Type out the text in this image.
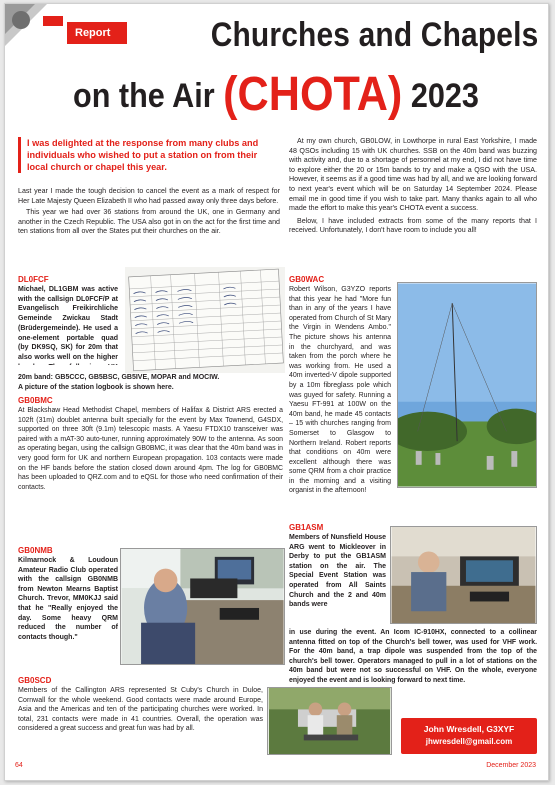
Report	Churches and Chapels
on the Air (CHOTA) 2023
I was delighted at the response from many clubs and individuals who wished to put a station on from their local church or chapel this year.
Last year I made the tough decision to cancel the event as a mark of respect for Her Late Majesty Queen Elizabeth II who had passed away only three days before.
This year we had over 36 stations from around the UK, one in Germany and another in the Czech Republic. The USA also got in on the act for the first time and ten stations from all over the States put their churches on the air.
At my own church, GB0LOW, in Lowthorpe in rural East Yorkshire, I made 48 QSOs including 15 with UK churches. SSB on the 40m band was buzzing with activity and, due to a shortage of personnel at my end, I did not have time to explore either the 20 or 15m bands to try and make a QSO with the USA. However, it seems as if a good time was had by all, and we are looking forward to next year's event which will be on Saturday 14 September 2024. Please email me in good time if you wish to take part. Many thanks again to all who made the effort to make this year's CHOTA event a success.
Below, I have included extracts from some of the many reports that I received. Unfortunately, I don't have room to include you all!
DL0FCF
Michael, DL1GBM was active with the callsign DL0FCF/P at Evangelisch Freikirchliche Gemeinde Zwickau Stadt (Brüdergemeinde). He used a one-element portable quad (by DK9SQ, SK) for 20m that also works well on the higher
20m band: GB5CCC, GB5BSC, GB5IVE, MOPAR and MOCIW.
A picture of the station logbook is shown here.
GB0BMC
At Blackshaw Head Methodist Chapel, members of Halifax & District ARS erected a 102ft (31m) doublet antenna built specially for the event by Max Townend, G4SDX, supported on three 30ft (9.1m) telescopic masts. A Yaesu FTDX10 transceiver was paired with a mAT-30 auto-tuner, running approximately 90W to the antenna. As soon as operating began, using the callsign GB0BMC, it was clear that the 40m band was in very good form for UK and northern European propagation. 103 contacts were made on the HF bands before the station closed down around 4pm. The log for GB0BMC has been uploaded to QRZ.com and to eQSL for those who need confirmation of their contacts.
GB0NMB
Kilmarnock & Loudoun Amateur Radio Club operated with the callsign GB0NMB from Newton Mearns Baptist Church. Trevor, MM0KJJ said that he "Really enjoyed the day. Some heavy QRM reduced the number of contacts though."
GB0SCD
Members of the Callington ARS represented St Cuby's Church in Duloe, Cornwall for the whole weekend. Good contacts were made around Europe, Asia and the Americas and ten of the participating churches were worked. In total, 231 contacts were made in 41 countries. Overall, the operation was considered a great success and great fun was had by all.
GB0WAC
Robert Wilson, G3YZO reports that this year he had "More fun than in any of the years I have operated from Church of St Mary the Virgin in Wendens Ambo." The picture shows his antenna in the churchyard, and was taken from the porch where he was working from. He used a 40m inverted-V dipole supported by a 10m fibreglass pole which was guyed for safety. Running a Yaesu FT-991 at 100W on the 40m band, he made 45 contacts – 15 with churches ranging from Somerset to Glasgow to Northern Ireland. Robert reports that conditions on 40m were excellent although there was some QRM from a choir practice in the morning and a visiting organist in the afternoon!
GB1ASM
Members of Nunsfield House ARG went to Mickleover in Derby to put the GB1ASM station on the air. The Special Event Station was operated from All Saints Church and the 2 and 40m bands were
in use during the event. An Icom IC-910HX, connected to a collinear antenna fitted on top of the Church's bell tower, was used for VHF work. For the 40m band, a trap dipole was suspended from the top of the church's bell tower. Operators managed to pull in a lot of stations on the 40m band but were not so successful on VHF. On the whole, everyone enjoyed the event and is looking forward to next time.
John Wresdell, G3XYF
jhwresdell@gmail.com
64	December 2023
